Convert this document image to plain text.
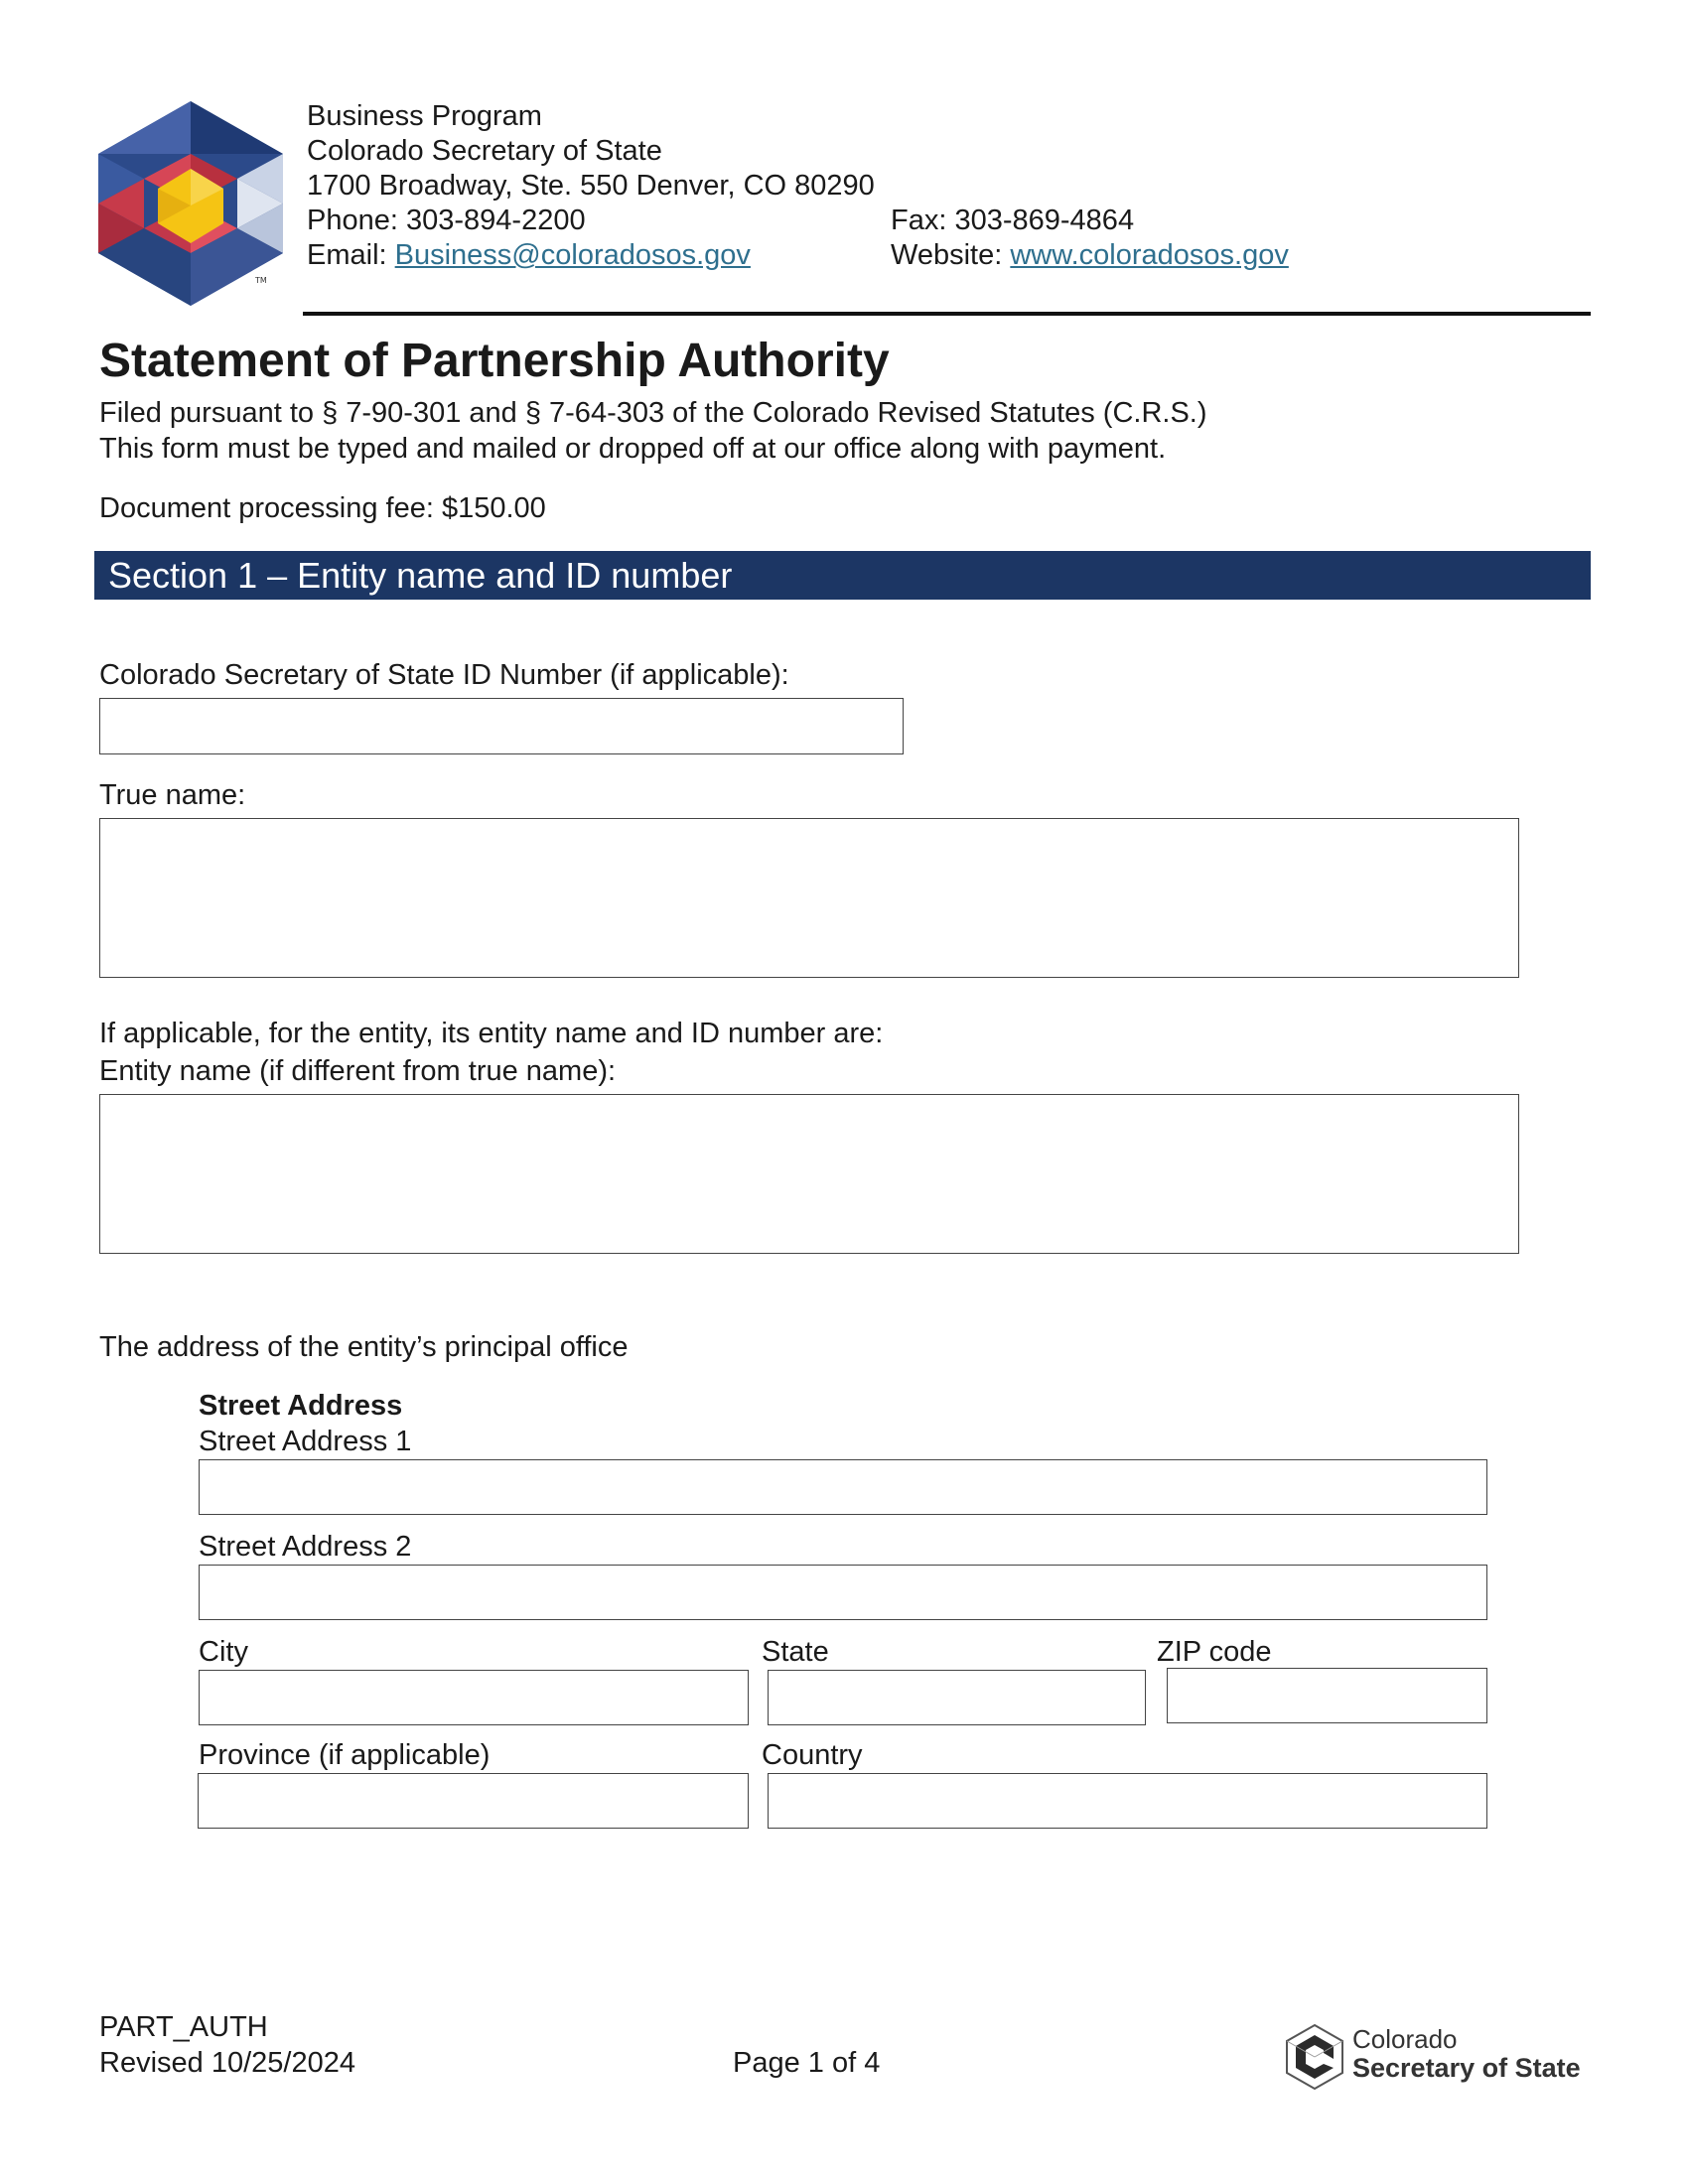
TM
Business Program
Colorado Secretary of State
1700 Broadway, Ste. 550 Denver, CO 80290
Phone: 303-894-2200	Fax: 303-869-4864
Email: Business@coloradosos.gov	Website: www.coloradosos.gov
Statement of Partnership Authority
Filed pursuant to § 7-90-301 and § 7-64-303 of the Colorado Revised Statutes (C.R.S.)
This form must be typed and mailed or dropped off at our office along with payment.
Document processing fee: $150.00
Section 1 – Entity name and ID number
Colorado Secretary of State ID Number (if applicable):
True name:
If applicable, for the entity, its entity name and ID number are:
Entity name (if different from true name):
The address of the entity’s principal office
Street Address
Street Address 1
Street Address 2
City	State	ZIP code
Province (if applicable)	Country
PART_AUTH
Revised 10/25/2024	Page 1 of 4
Colorado
Secretary of State
